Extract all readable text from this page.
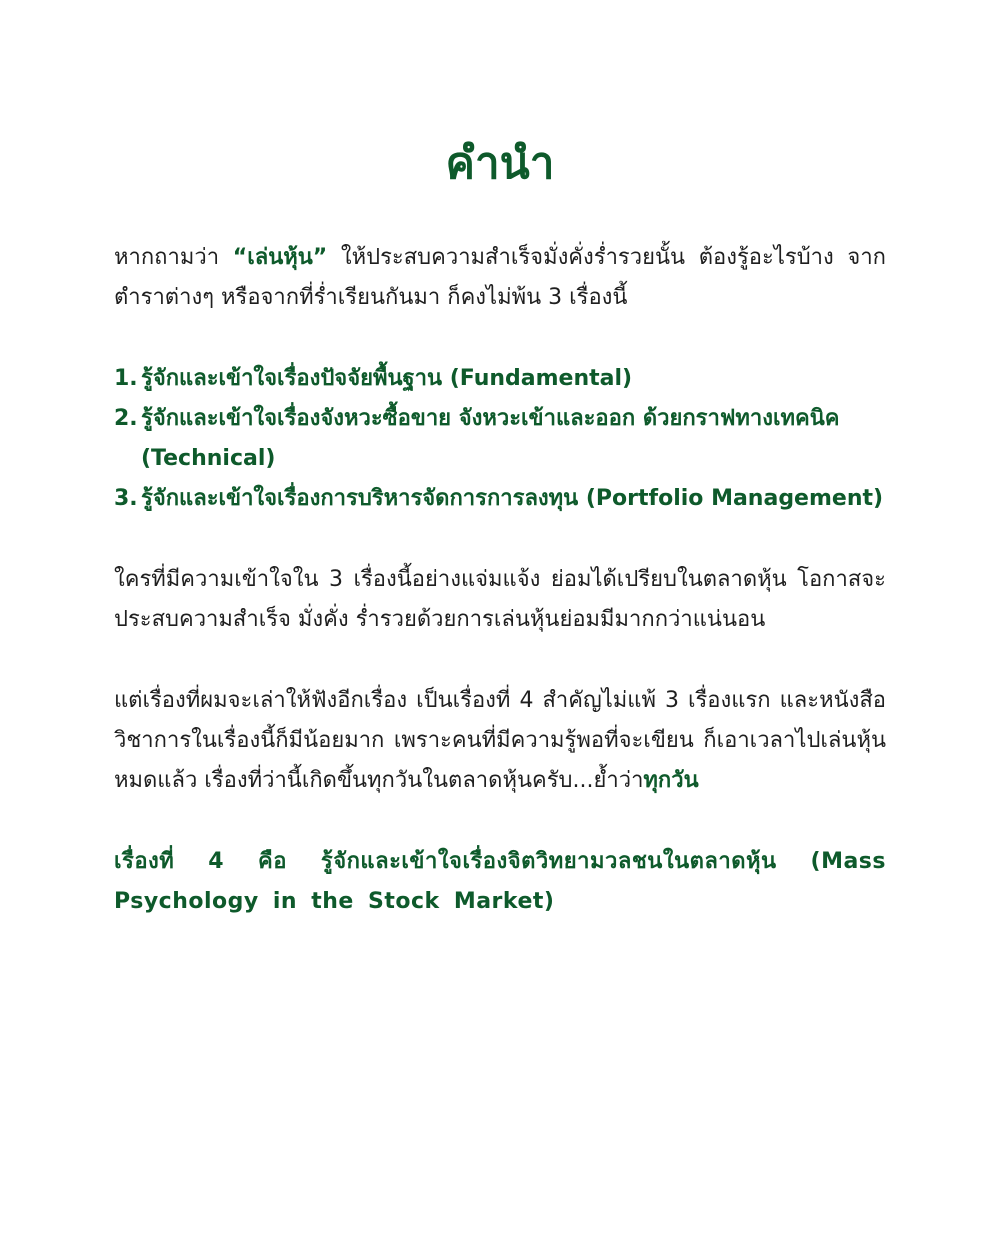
คำนำ

หากถามว่า “เล่นหุ้น” ให้ประสบความสำเร็จมั่งคั่งร่ำรวยนั้น ต้องรู้อะไรบ้าง จากตำราต่างๆ หรือจากที่ร่ำเรียนกันมา ก็คงไม่พ้น 3 เรื่องนี้

1. รู้จักและเข้าใจเรื่องปัจจัยพื้นฐาน (Fundamental)
2. รู้จักและเข้าใจเรื่องจังหวะซื้อขาย จังหวะเข้าและออก ด้วยกราฟทางเทคนิค (Technical)
3. รู้จักและเข้าใจเรื่องการบริหารจัดการการลงทุน (Portfolio Management)

ใครที่มีความเข้าใจใน 3 เรื่องนี้อย่างแจ่มแจ้ง ย่อมได้เปรียบในตลาดหุ้น โอกาสจะประสบความสำเร็จ มั่งคั่ง ร่ำรวยด้วยการเล่นหุ้นย่อมมีมากกว่าแน่นอน

แต่เรื่องที่ผมจะเล่าให้ฟังอีกเรื่อง เป็นเรื่องที่ 4 สำคัญไม่แพ้ 3 เรื่องแรก และหนังสือวิชาการในเรื่องนี้ก็มีน้อยมาก เพราะคนที่มีความรู้พอที่จะเขียน ก็เอาเวลาไปเล่นหุ้นหมดแล้ว เรื่องที่ว่านี้เกิดขึ้นทุกวันในตลาดหุ้นครับ...ย้ำว่าทุกวัน

เรื่องที่ 4 คือ รู้จักและเข้าใจเรื่องจิตวิทยามวลชนในตลาดหุ้น (Mass Psychology in the Stock Market)
